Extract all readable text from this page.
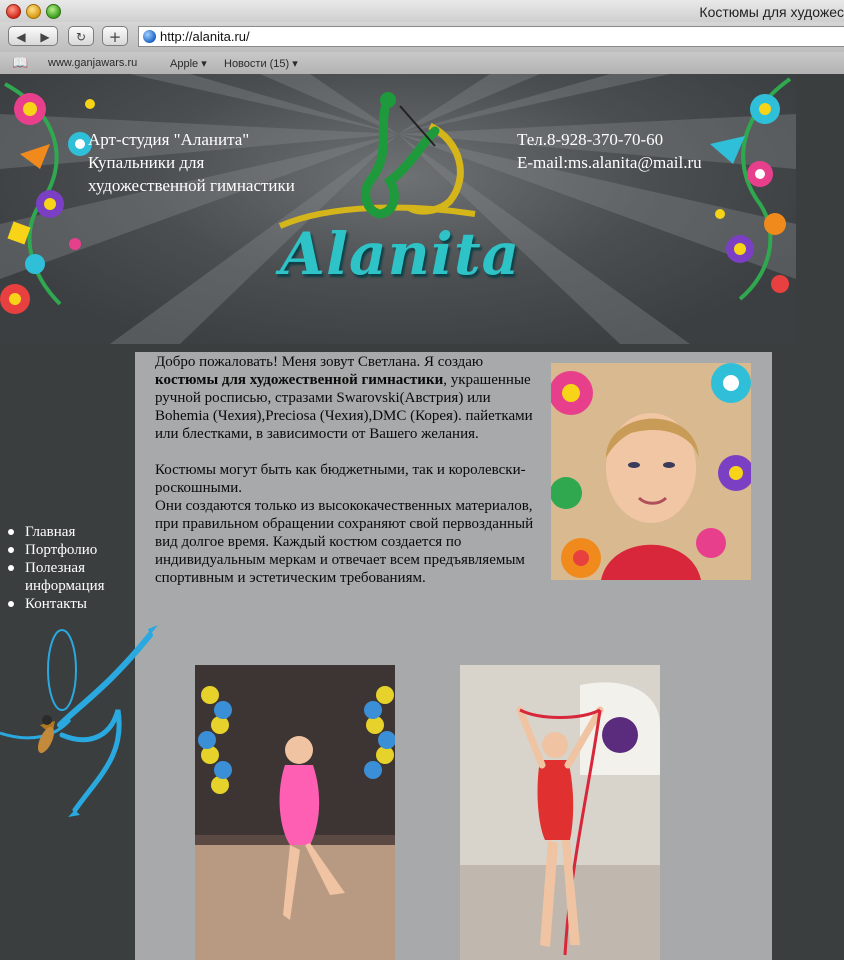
Костюмы для художес
◀ ▶	↻	+	http://alanita.ru/
📖 www.ganjawars.ru	Apple ▾ Новости (15) ▾
Арт-студия "Аланита"
Купальники для
художественной гимнастики
Тел.8-928-370-70-60
E-mail:ms.alanita@mail.ru
Alanita

Добро пожаловать! Меня зовут Светлана. Я создаю костюмы для художественной гимнастики, украшенные ручной росписью, стразами Swarovski(Австрия) или Bohemia (Чехия),Preciosa (Чехия),DMC (Корея). пайетками или блестками, в зависимости от Вашего желания.

Костюмы могут быть как бюджетными, так и королевски-роскошными.
Они создаются только из высококачественных материалов, при правильном обращении сохраняют свой первозданный вид долгое время. Каждый костюм создается по индивидуальным меркам и отвечает всем предъявляемым спортивным и эстетическим требованиям.

Главная
Портфолио
Полезная информация
Контакты
